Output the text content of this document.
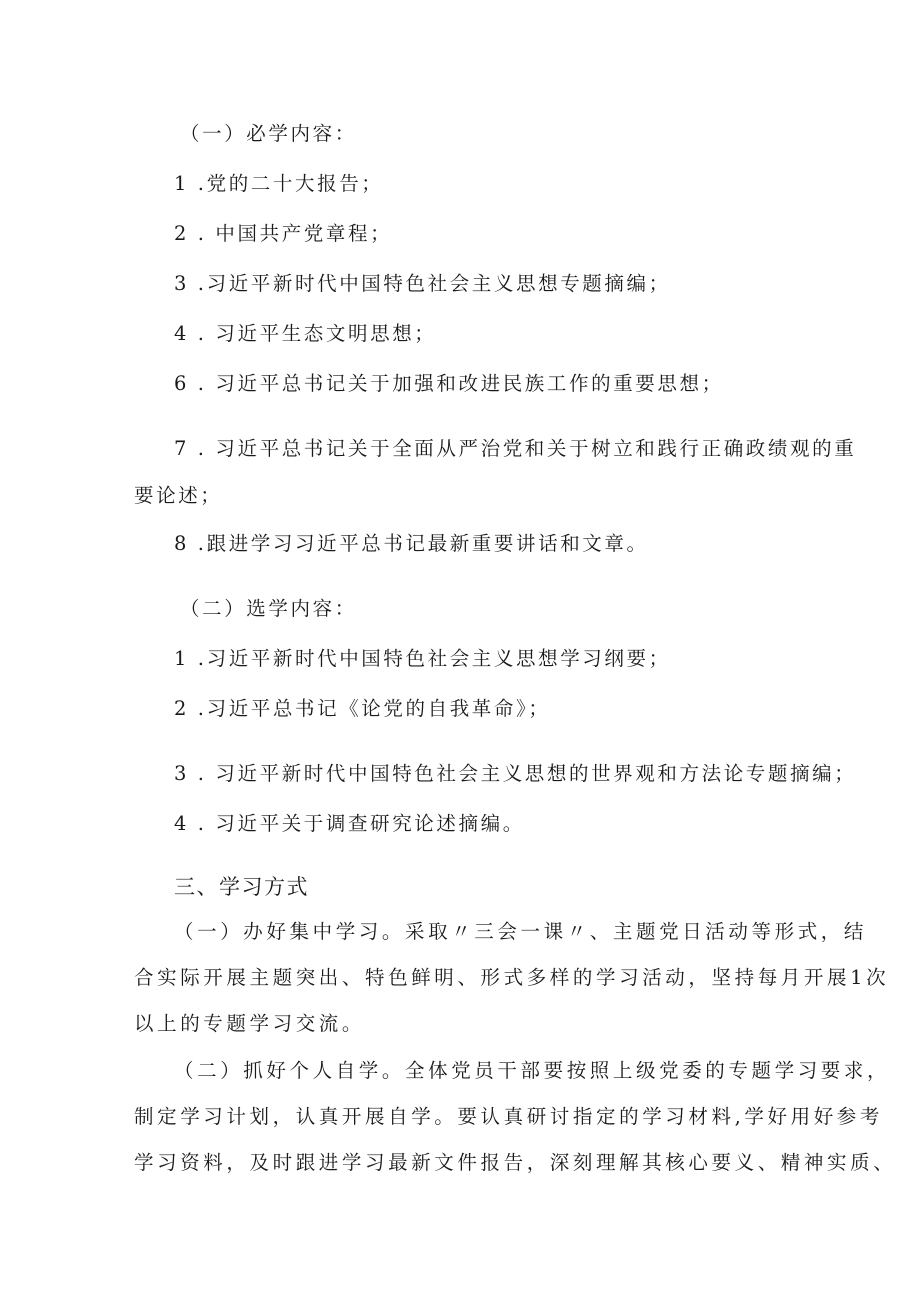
（一）必学内容：
1 .党的二十大报告；
2 . 中国共产党章程；
3 .习近平新时代中国特色社会主义思想专题摘编；
4 . 习近平生态文明思想；
6 . 习近平总书记关于加强和改进民族工作的重要思想；
7 . 习近平总书记关于全面从严治党和关于树立和践行正确政绩观的重
要论述；
8 .跟进学习习近平总书记最新重要讲话和文章。
（二）选学内容：
1 .习近平新时代中国特色社会主义思想学习纲要；
2 .习近平总书记《论党的自我革命》；
3 . 习近平新时代中国特色社会主义思想的世界观和方法论专题摘编；
4 . 习近平关于调查研究论述摘编。
三、学习方式
（一）办好集中学习。采取〃三会一课〃、主题党日活动等形式，结
合实际开展主题突出、特色鲜明、形式多样的学习活动，坚持每月开展1次
以上的专题学习交流。
（二）抓好个人自学。全体党员干部要按照上级党委的专题学习要求，
制定学习计划，认真开展自学。要认真研讨指定的学习材料,学好用好参考
学习资料，及时跟进学习最新文件报告，深刻理解其核心要义、精神实质、
